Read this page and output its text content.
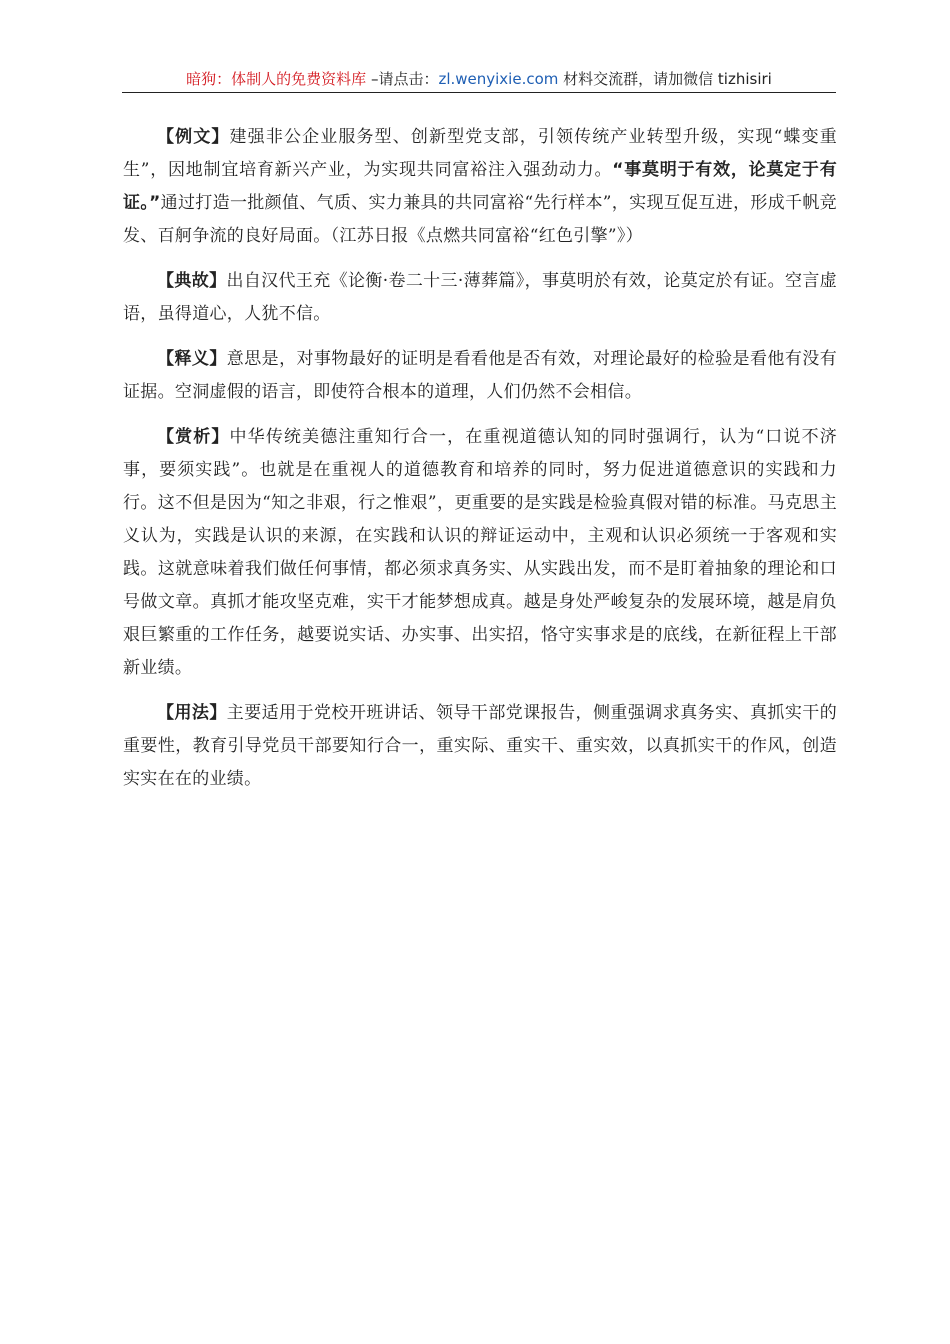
暗狗：体制人的免费资料库 –请点击：zl.wenyixie.com 材料交流群，请加微信 tizhisiri

【例文】建强非公企业服务型、创新型党支部，引领传统产业转型升级，实现“蝶变重生”，因地制宜培育新兴产业，为实现共同富裕注入强劲动力。“事莫明于有效，论莫定于有证。”通过打造一批颜值、气质、实力兼具的共同富裕“先行样本”，实现互促互进，形成千帆竞发、百舸争流的良好局面。（江苏日报《点燃共同富裕“红色引擎”》）

【典故】出自汉代王充《论衡·卷二十三·薄葬篇》，事莫明於有效，论莫定於有证。空言虚语，虽得道心，人犹不信。

【释义】意思是，对事物最好的证明是看看他是否有效，对理论最好的检验是看他有没有证据。空洞虚假的语言，即使符合根本的道理，人们仍然不会相信。

【赏析】中华传统美德注重知行合一，在重视道德认知的同时强调行，认为“口说不济事，要须实践”。也就是在重视人的道德教育和培养的同时，努力促进道德意识的实践和力行。这不但是因为“知之非艰，行之惟艰”，更重要的是实践是检验真假对错的标准。马克思主义认为，实践是认识的来源，在实践和认识的辩证运动中，主观和认识必须统一于客观和实践。这就意味着我们做任何事情，都必须求真务实、从实践出发，而不是盯着抽象的理论和口号做文章。真抓才能攻坚克难，实干才能梦想成真。越是身处严峻复杂的发展环境，越是肩负艰巨繁重的工作任务，越要说实话、办实事、出实招，恪守实事求是的底线，在新征程上干部新业绩。

【用法】主要适用于党校开班讲话、领导干部党课报告，侧重强调求真务实、真抓实干的重要性，教育引导党员干部要知行合一，重实际、重实干、重实效，以真抓实干的作风，创造实实在在的业绩。
